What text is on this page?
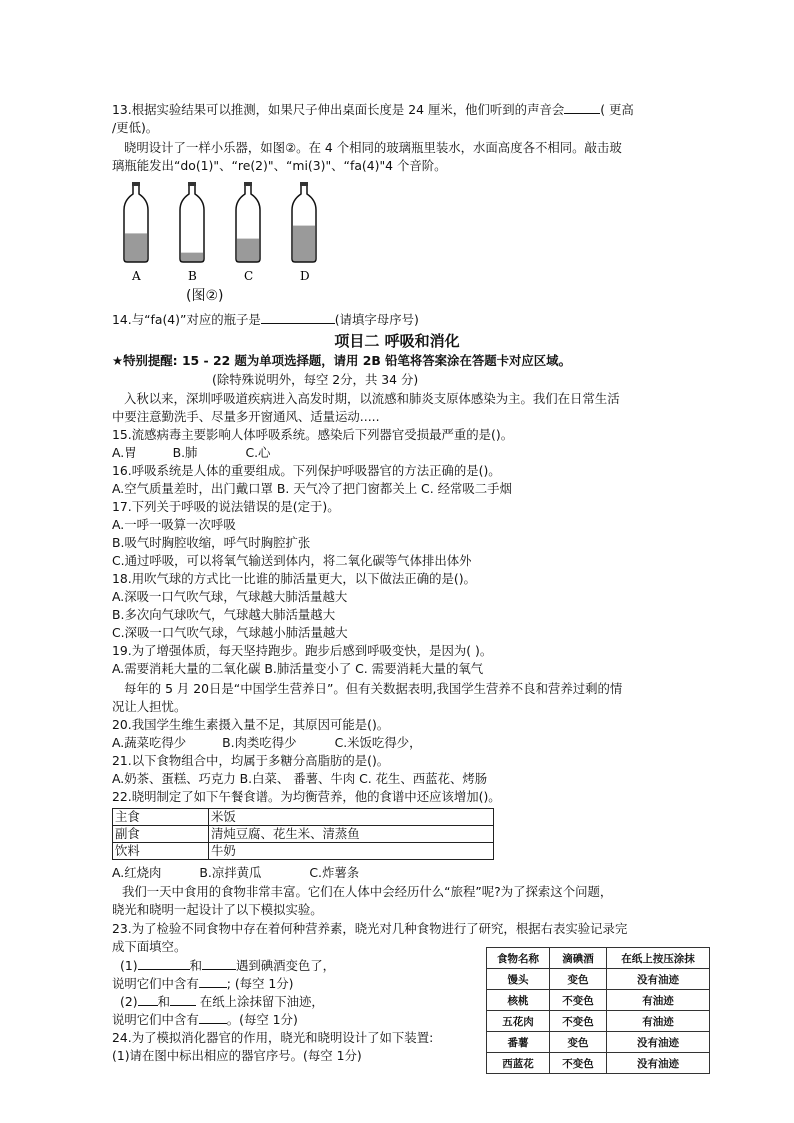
13.根据实验结果可以推测，如果尺子伸出桌面长度是 24 厘米，他们听到的声音会	( 更高
/更低)。
晓明设计了一样小乐器，如图②。在 4 个相同的玻璃瓶里装水，水面高度各不相同。敲击玻
璃瓶能发出“do(1)"、“re(2)"、“mi(3)"、“fa(4)"4 个音阶。
A	B	C	D
(图②)
14.与“fa(4)”对应的瓶子是	(请填字母序号)
项目二 呼吸和消化
★特别提醒: 15 - 22 题为单项选择题，请用 2B 铅笔将答案涂在答题卡对应区域。
(除特殊说明外，每空 2分，共 34 分)
入秋以来，深圳呼吸道疾病进入高发时期，以流感和肺炎支原体感染为主。我们在日常生活
中要注意勤洗手、尽量多开窗通风、适量运动.....
15.流感病毒主要影响人体呼吸系统。感染后下列器官受损最严重的是()。
A.胃	B.肺	C.心
16.呼吸系统是人体的重要组成。下列保护呼吸器官的方法正确的是()。
A.空气质量差时，出门戴口罩 B. 天气冷了把门窗都关上 C. 经常吸二手烟
17.下列关于呼吸的说法错误的是(定于)。
A.一呼一吸算一次呼吸
B.吸气时胸腔收缩，呼气时胸腔扩张
C.通过呼吸，可以将氧气输送到体内，将二氧化碳等气体排出体外
18.用吹气球的方式比一比谁的肺活量更大，以下做法正确的是()。
A.深吸一口气吹气球，气球越大肺活量越大
B.多次向气球吹气，气球越大肺活量越大
C.深吸一口气吹气球，气球越小肺活量越大
19.为了增强体质，每天坚持跑步。跑步后感到呼吸变快，是因为( )。
A.需要消耗大量的二氧化碳 B.肺活量变小了 C. 需要消耗大量的氧气
每年的 5 月 20日是“中国学生营养日”。但有关数据表明,我国学生营养不良和营养过剩的情
况让人担忧。
20.我国学生维生素摄入量不足，其原因可能是()。
A.蔬菜吃得少	B.肉类吃得少	C.米饭吃得少，
21.以下食物组合中，均属于多糖分高脂肪的是()。
A.奶茶、蛋糕、巧克力 B.白菜、 番薯、牛肉 C. 花生、西蓝花、烤肠
22.晓明制定了如下午餐食谱。为均衡营养，他的食谱中还应该增加()。
主食	米饭
副食	清炖豆腐、花生米、清蒸鱼
饮料	牛奶
A.红烧肉	B.凉拌黄瓜	C.炸薯条
我们一天中食用的食物非常丰富。它们在人体中会经历什么“旅程”呢?为了探索这个问题，
晓光和晓明一起设计了以下模拟实验。
23.为了检验不同食物中存在着何种营养素，晓光对几种食物进行了研究，根据右表实验记录完
成下面填空。
(1)	和	遇到碘酒变色了，
说明它们中含有 ; (每空 1分)
(2) 和 在纸上涂抹留下油迹，
说明它们中含有 。(每空 1分)
24.为了模拟消化器官的作用，晓光和晓明设计了如下装置:
(1)请在图中标出相应的器官序号。(每空 1分)
食物名称	滴碘酒	在纸上按压涂抹
馒头	变色	没有油迹
核桃	不变色	有油迹
五花肉	不变色	有油迹
番薯	变色	没有油迹
西蓝花	不变色	没有油迹
